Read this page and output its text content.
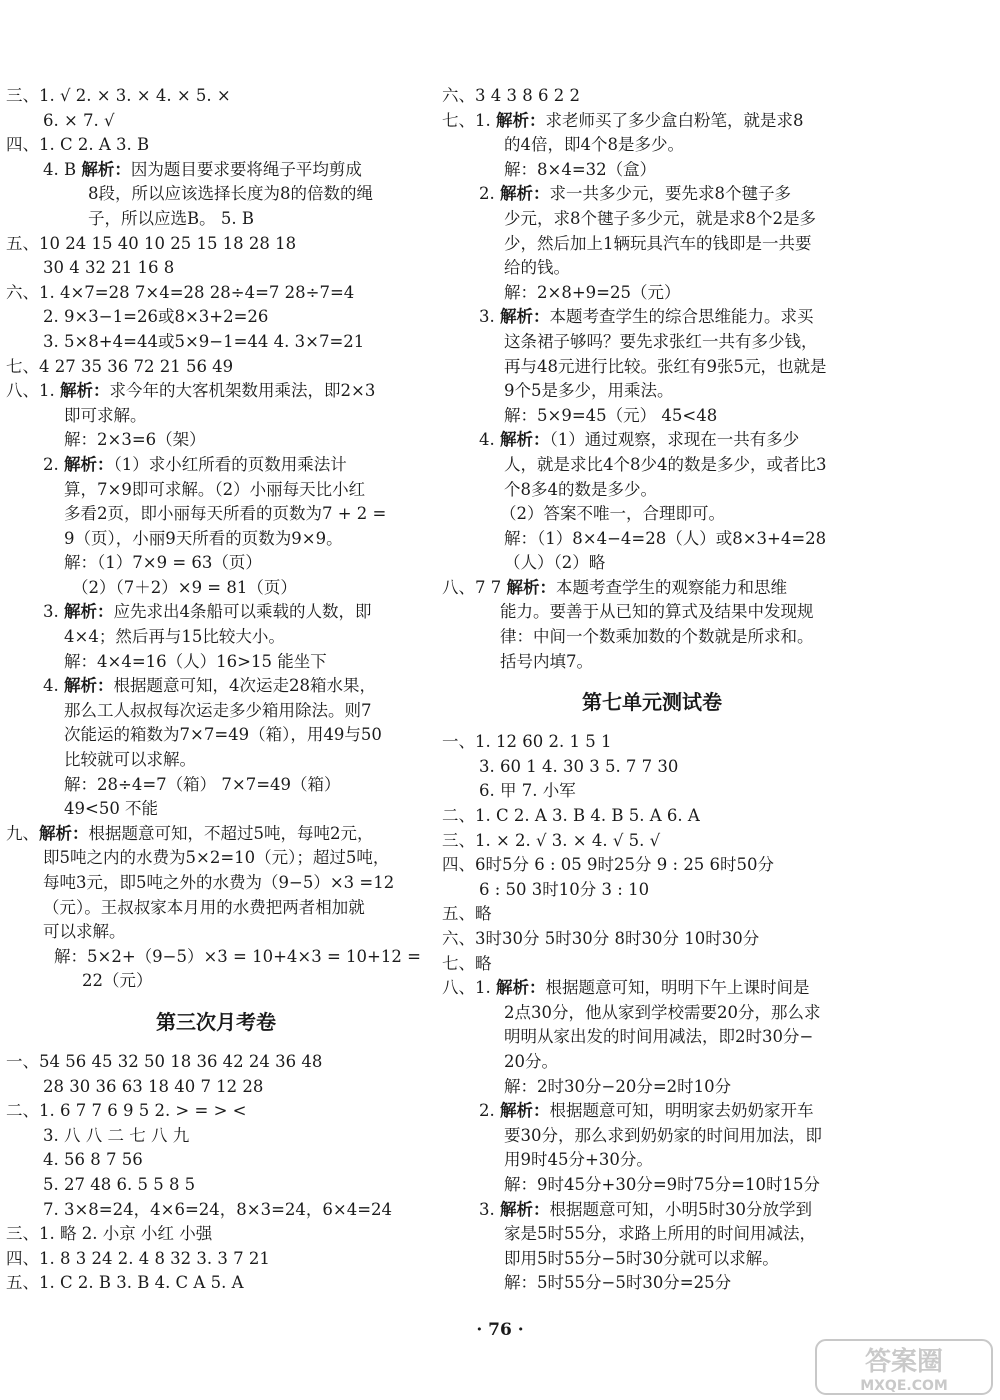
三、1. √ 2. × 3. × 4. × 5. ×
6. × 7. √
四、1. C 2. A 3. B
4. B 解析：因为题目要求要将绳子平均剪成
8段，所以应该选择长度为8的倍数的绳
子，所以应选B。 5. B
五、10 24 15 40 10 25 15 18 28 18
30 4 32 21 16 8
六、1. 4×7=28 7×4=28 28÷4=7 28÷7=4
2. 9×3−1=26或8×3+2=26
3. 5×8+4=44或5×9−1=44 4. 3×7=21
七、4 27 35 36 72 21 56 49
八、1. 解析：求今年的大客机架数用乘法，即2×3
即可求解。
解：2×3=6（架）
2. 解析：（1）求小红所看的页数用乘法计
算，7×9即可求解。（2）小丽每天比小红
多看2页，即小丽每天所看的页数为7 + 2 =
9（页），小丽9天所看的页数为9×9。
解：（1）7×9 = 63（页）
（2）（7＋2）×9 = 81（页）
3. 解析：应先求出4条船可以乘载的人数，即
4×4；然后再与15比较大小。
解：4×4=16（人）16>15 能坐下
4. 解析：根据题意可知，4次运走28箱水果，
那么工人叔叔每次运走多少箱用除法。则7
次能运的箱数为7×7=49（箱），用49与50
比较就可以求解。
解：28÷4=7（箱） 7×7=49（箱）
49<50 不能
九、解析：根据题意可知，不超过5吨，每吨2元，
即5吨之内的水费为5×2=10（元）；超过5吨，
每吨3元，即5吨之外的水费为（9−5）×3 =12
（元）。王叔叔家本月用的水费把两者相加就
可以求解。
解：5×2+（9−5）×3 = 10+4×3 = 10+12 =
22（元）
第三次月考卷
一、54 56 45 32 50 18 36 42 24 36 48
28 30 36 63 18 40 7 12 28
二、1. 6 7 7 6 9 5 2. > = > <
3. 八 八 二 七 八 九
4. 56 8 7 56
5. 27 48 6. 5 5 8 5
7. 3×8=24，4×6=24，8×3=24，6×4=24
三、1. 略 2. 小京 小红 小强
四、1. 8 3 24 2. 4 8 32 3. 3 7 21
五、1. C 2. B 3. B 4. C A 5. A
六、3 4 3 8 6 2 2
七、1. 解析：求老师买了多少盒白粉笔，就是求8
的4倍，即4个8是多少。
解：8×4=32（盒）
2. 解析：求一共多少元，要先求8个毽子多
少元，求8个毽子多少元，就是求8个2是多
少，然后加上1辆玩具汽车的钱即是一共要
给的钱。
解：2×8+9=25（元）
3. 解析：本题考查学生的综合思维能力。求买
这条裙子够吗？要先求张红一共有多少钱，
再与48元进行比较。张红有9张5元，也就是
9个5是多少，用乘法。
解：5×9=45（元） 45<48
4. 解析：（1）通过观察，求现在一共有多少
人，就是求比4个8少4的数是多少，或者比3
个8多4的数是多少。
（2）答案不唯一，合理即可。
解：（1）8×4−4=28（人）或8×3+4=28
（人）（2）略
八、7 7 解析：本题考查学生的观察能力和思维
能力。要善于从已知的算式及结果中发现规
律：中间一个数乘加数的个数就是所求和。
括号内填7。
第七单元测试卷
一、1. 12 60 2. 1 5 1
3. 60 1 4. 30 3 5. 7 7 30
6. 甲 7. 小军
二、1. C 2. A 3. B 4. B 5. A 6. A
三、1. × 2. √ 3. × 4. √ 5. √
四、6时5分 6 : 05 9时25分 9 : 25 6时50分
6 : 50 3时10分 3 : 10
五、略
六、3时30分 5时30分 8时30分 10时30分
七、略
八、1. 解析：根据题意可知，明明下午上课时间是
2点30分，他从家到学校需要20分，那么求
明明从家出发的时间用减法，即2时30分−
20分。
解：2时30分−20分=2时10分
2. 解析：根据题意可知，明明家去奶奶家开车
要30分，那么求到奶奶家的时间用加法，即
用9时45分+30分。
解：9时45分+30分=9时75分=10时15分
3. 解析：根据题意可知，小明5时30分放学到
家是5时55分，求路上所用的时间用减法，
即用5时55分−5时30分就可以求解。
解：5时55分−5时30分=25分
· 76 ·
答案圈
MXQE.COM
